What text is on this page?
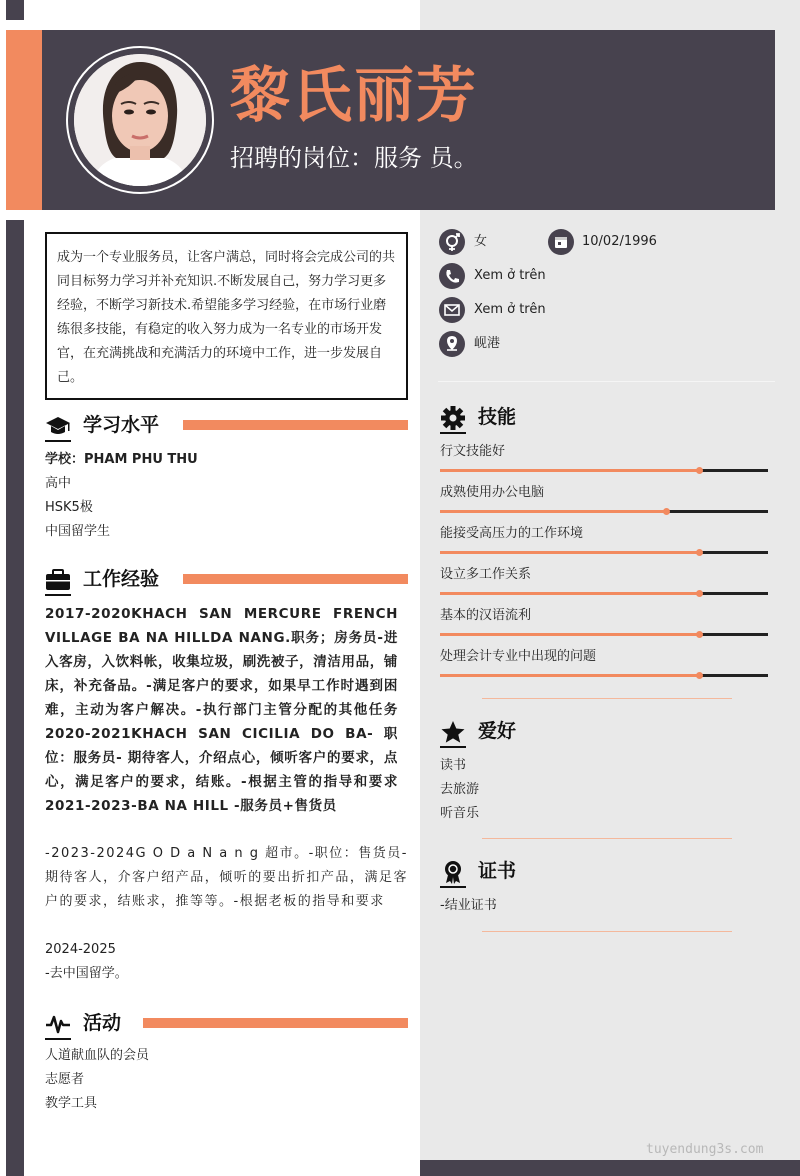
黎氏丽芳
招聘的岗位：服务 员。
成为一个专业服务员，让客户满总，同时将会完成公司的共同目标努力学习并补充知识.不断发展自己，努力学习更多经验，不断学习新技术.希望能多学习经验，在市场行业磨练很多技能，有稳定的收入努力成为一名专业的市场开发官，在充满挑战和充满活力的环境中工作，进一步发展自己。
学习水平
学校：PHAM PHU THU
高中
HSK5极
中国留学生
工作经验
2017-2020KHACH SAN MERCURE FRENCH VILLAGE BA NA HILLDA NANG.职务；房务员-进入客房，入饮料帐，收集垃圾，刷洗被子，清洁用品，铺床，补充备品。-满足客户的要求，如果早工作时遇到困难，主动为客户解决。-执行部门主管分配的其他任务2020-2021KHACH SAN CICILIA DO BA- 职位：服务员- 期待客人，介绍点心，倾听客户的要求，点心，满足客户的要求，结账。-根据主管的指导和要求2021-2023-BA NA HILL -服务员+售货员
-2023-2024G O D a N a n g 超市。-职位：售货员-期待客人，介客户绍产品，倾听的要出折扣产品，满足客户的要求，结账求，推等等。-根据老板的指导和要求
2024-2025
-去中国留学。
活动
人道献血队的会员
志愿者
教学工具
女	10/02/1996
Xem ở trên
Xem ở trên
岘港
技能
行文技能好
成熟使用办公电脑
能接受高压力的工作环境
设立多工作关系
基本的汉语流利
处理会计专业中出现的问题
爱好
读书
去旅游
听音乐
证书
-结业证书
tuyendung3s.com
